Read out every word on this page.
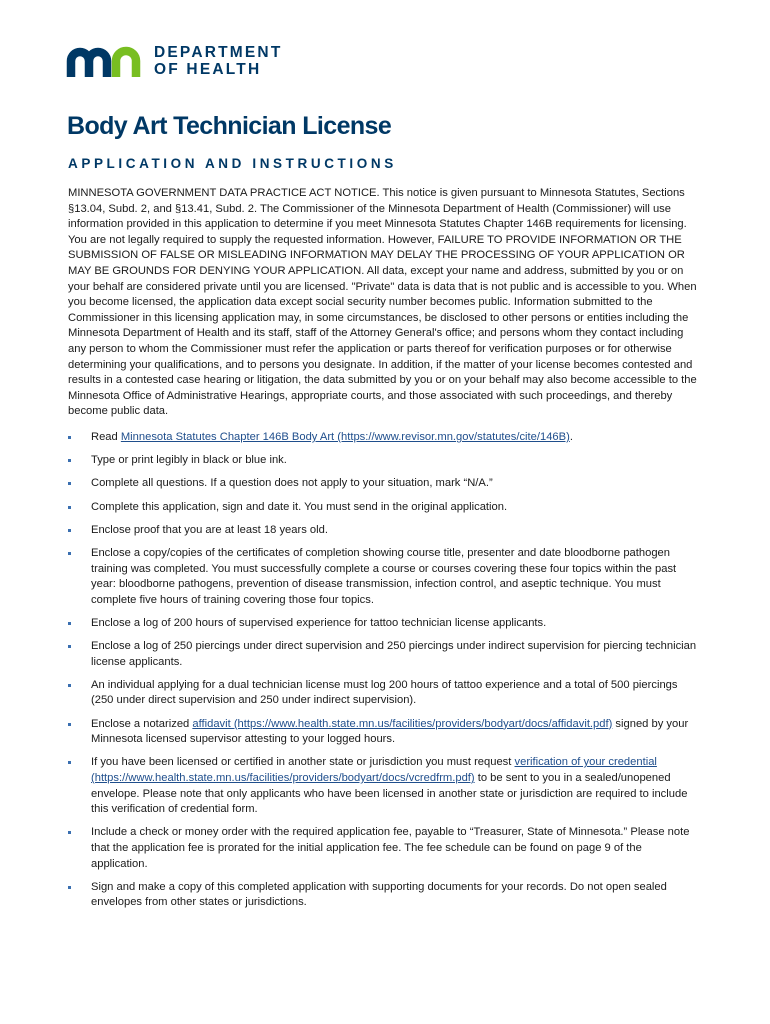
DEPARTMENT
OF HEALTH
Body Art Technician License
APPLICATION AND INSTRUCTIONS

MINNESOTA GOVERNMENT DATA PRACTICE ACT NOTICE. This notice is given pursuant to Minnesota Statutes, Sections §13.04, Subd. 2, and §13.41, Subd. 2. The Commissioner of the Minnesota Department of Health (Commissioner) will use information provided in this application to determine if you meet Minnesota Statutes Chapter 146B requirements for licensing. You are not legally required to supply the requested information. However, FAILURE TO PROVIDE INFORMATION OR THE SUBMISSION OF FALSE OR MISLEADING INFORMATION MAY DELAY THE PROCESSING OF YOUR APPLICATION OR MAY BE GROUNDS FOR DENYING YOUR APPLICATION. All data, except your name and address, submitted by you or on your behalf are considered private until you are licensed. "Private" data is data that is not public and is accessible to you. When you become licensed, the application data except social security number becomes public. Information submitted to the Commissioner in this licensing application may, in some circumstances, be disclosed to other persons or entities including the Minnesota Department of Health and its staff, staff of the Attorney General's office; and persons whom they contact including any person to whom the Commissioner must refer the application or parts thereof for verification purposes or for otherwise determining your qualifications, and to persons you designate. In addition, if the matter of your license becomes contested and results in a contested case hearing or litigation, the data submitted by you or on your behalf may also become accessible to the Minnesota Office of Administrative Hearings, appropriate courts, and those associated with such proceedings, and thereby become public data.

Read Minnesota Statutes Chapter 146B Body Art (https://www.revisor.mn.gov/statutes/cite/146B).
Type or print legibly in black or blue ink.
Complete all questions. If a question does not apply to your situation, mark “N/A.”
Complete this application, sign and date it. You must send in the original application.
Enclose proof that you are at least 18 years old.
Enclose a copy/copies of the certificates of completion showing course title, presenter and date bloodborne pathogen training was completed. You must successfully complete a course or courses covering these four topics within the past year: bloodborne pathogens, prevention of disease transmission, infection control, and aseptic technique. You must complete five hours of training covering those four topics.
Enclose a log of 200 hours of supervised experience for tattoo technician license applicants.
Enclose a log of 250 piercings under direct supervision and 250 piercings under indirect supervision for piercing technician license applicants.
An individual applying for a dual technician license must log 200 hours of tattoo experience and a total of 500 piercings (250 under direct supervision and 250 under indirect supervision).
Enclose a notarized affidavit (https://www.health.state.mn.us/facilities/providers/bodyart/docs/affidavit.pdf) signed by your Minnesota licensed supervisor attesting to your logged hours.
If you have been licensed or certified in another state or jurisdiction you must request verification of your credential (https://www.health.state.mn.us/facilities/providers/bodyart/docs/vcredfrm.pdf) to be sent to you in a sealed/unopened envelope. Please note that only applicants who have been licensed in another state or jurisdiction are required to include this verification of credential form.
Include a check or money order with the required application fee, payable to “Treasurer, State of Minnesota.” Please note that the application fee is prorated for the initial application fee. The fee schedule can be found on page 9 of the application.
Sign and make a copy of this completed application with supporting documents for your records. Do not open sealed envelopes from other states or jurisdictions.
